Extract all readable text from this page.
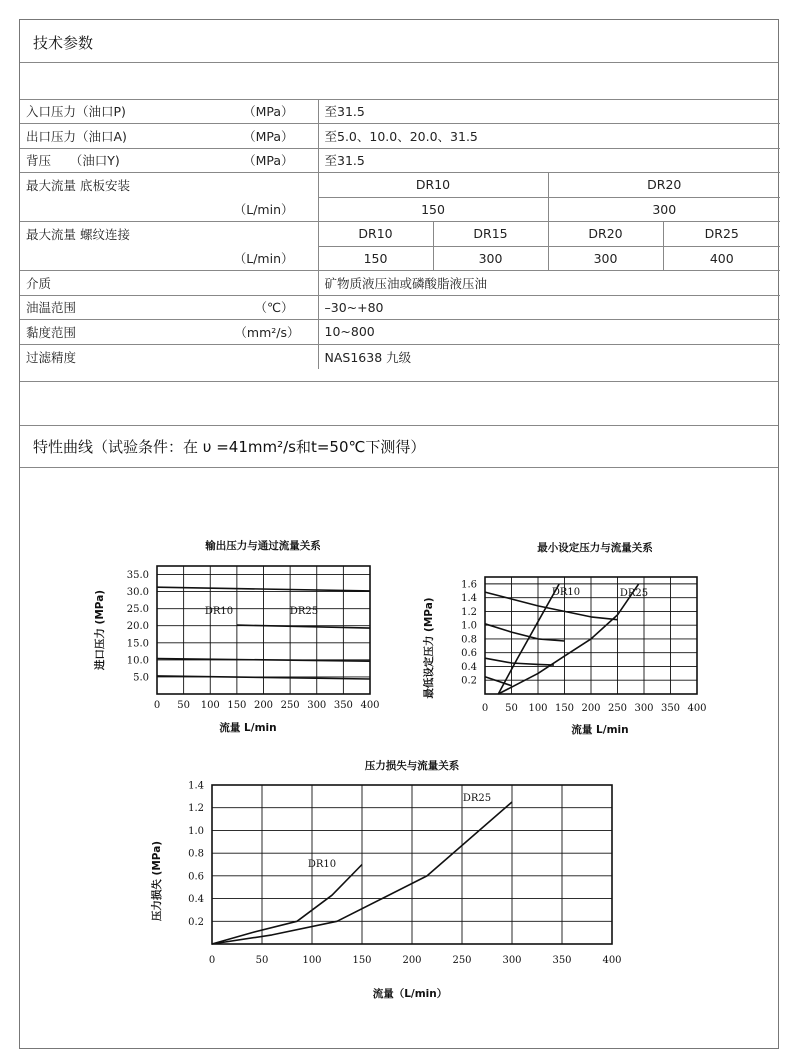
技术参数
入口压力（油口P) （MPa）	至31.5			
出口压力（油口A) （MPa）	至5.0、10.0、20.0、31.5			
背压　　（油口Y) （MPa）	至31.5			
最大流量 底板安装	DR10		DR20	

（L/min）	150		300	
最大流量 螺纹连接	DR10	DR15	DR20	DR25

（L/min）	150	300	300	400
介质	矿物质液压油或磷酸脂液压油			
油温范围 （℃）	–30~+80			
黏度范围 （mm²/s）	10~800			
过滤精度	NAS1638 九级			
特性曲线（试验条件：在 υ =41mm²/s和t=50℃下测得）
35.0
30.0
25.0
20.0
15.0
10.0
5.0
0 50 100 150 200 250 300 350 400
输出压力与通过流量关系
流量 L/min
进口压力 (MPa)	DR10	DR25
1.6
1.4
1.2
1.0
0.8
0.6
0.4
0.2
0 50 100 150 200 250 300 350 400
最小设定压力与流量关系
流量 L/min
最低设定压力 (MPa)
DR10	DR25
1.4
1.2
1.0
0.8
0.6
0.4
0.2
0	50	100	150	200	250	300	350	400
压力损失与流量关系
流量（L/min）
压力损失 (MPa)	DR10
DR25
